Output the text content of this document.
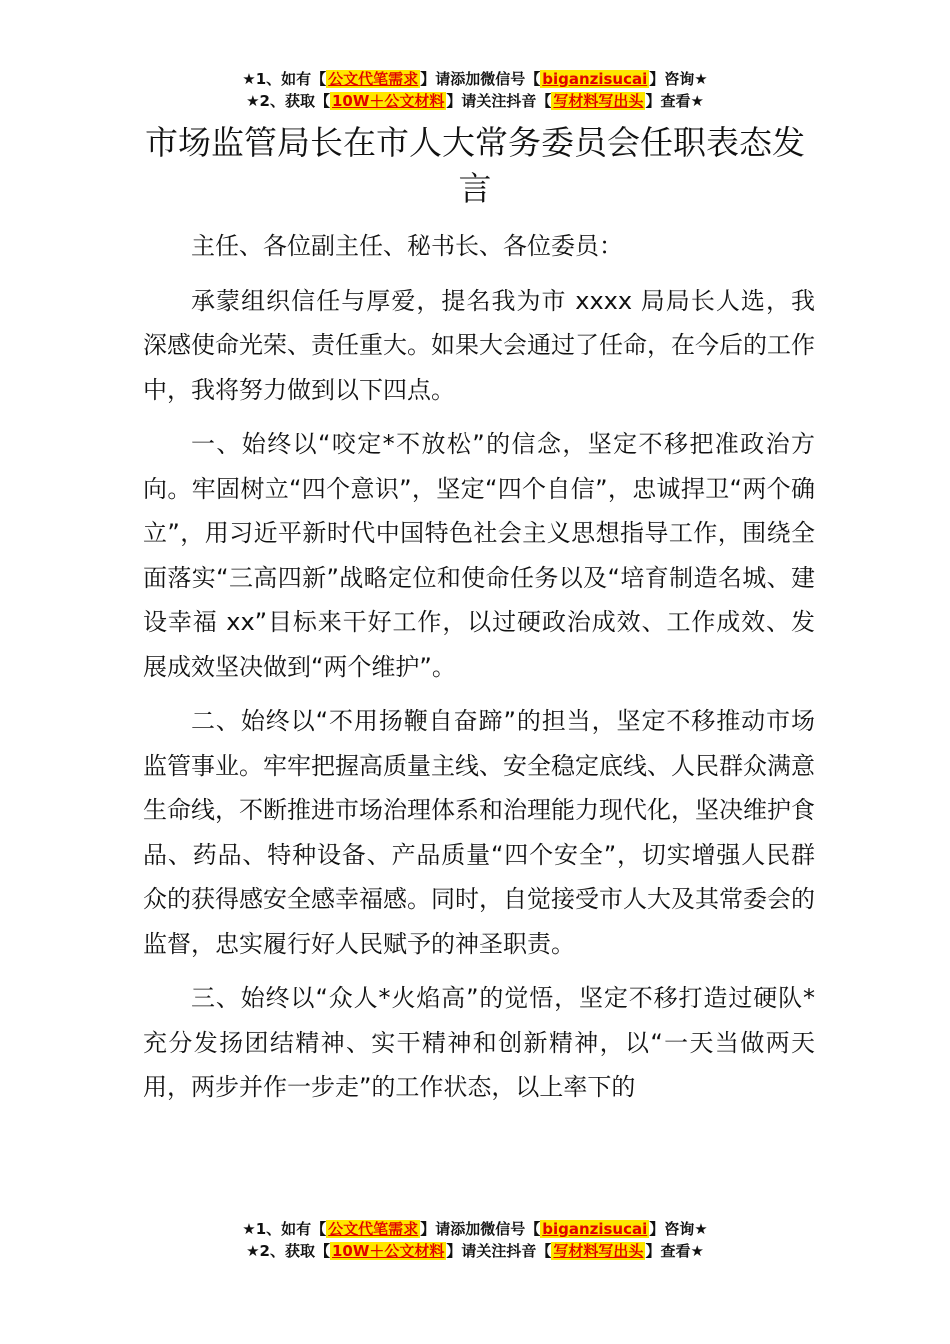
★1、如有【 公文代笔需求 】请添加微信号【 biganzisucai 】咨询★
★2、获取【 10W＋公文材料 】请关注抖音【 写材料写出头 】查看★
市场监管局长在市人大常务委员会任职表态发言

主任、各位副主任、秘书长、各位委员：

承蒙组织信任与厚爱，提名我为市 xxxx 局局长人选，我深感使命光荣、责任重大。如果大会通过了任命，在今后的工作中，我将努力做到以下四点。

一、始终以“咬定*不放松”的信念，坚定不移把准政治方向。牢固树立“四个意识”，坚定“四个自信”，忠诚捍卫“两个确立”，用习近平新时代中国特色社会主义思想指导工作，围绕全面落实“三高四新”战略定位和使命任务以及“培育制造名城、建设幸福 xx”目标来干好工作，以过硬政治成效、工作成效、发展成效坚决做到“两个维护”。

二、始终以“不用扬鞭自奋蹄”的担当，坚定不移推动市场监管事业。牢牢把握高质量主线、安全稳定底线、人民群众满意生命线，不断推进市场治理体系和治理能力现代化，坚决维护食品、药品、特种设备、产品质量“四个安全”，切实增强人民群众的获得感安全感幸福感。同时，自觉接受市人大及其常委会的监督，忠实履行好人民赋予的神圣职责。

三、始终以“众人*火焰高”的觉悟，坚定不移打造过硬队*充分发扬团结精神、实干精神和创新精神，以“一天当做两天用，两步并作一步走”的工作状态，以上率下的

★1、如有【 公文代笔需求 】请添加微信号【 biganzisucai 】咨询★
★2、获取【 10W＋公文材料 】请关注抖音【 写材料写出头 】查看★
